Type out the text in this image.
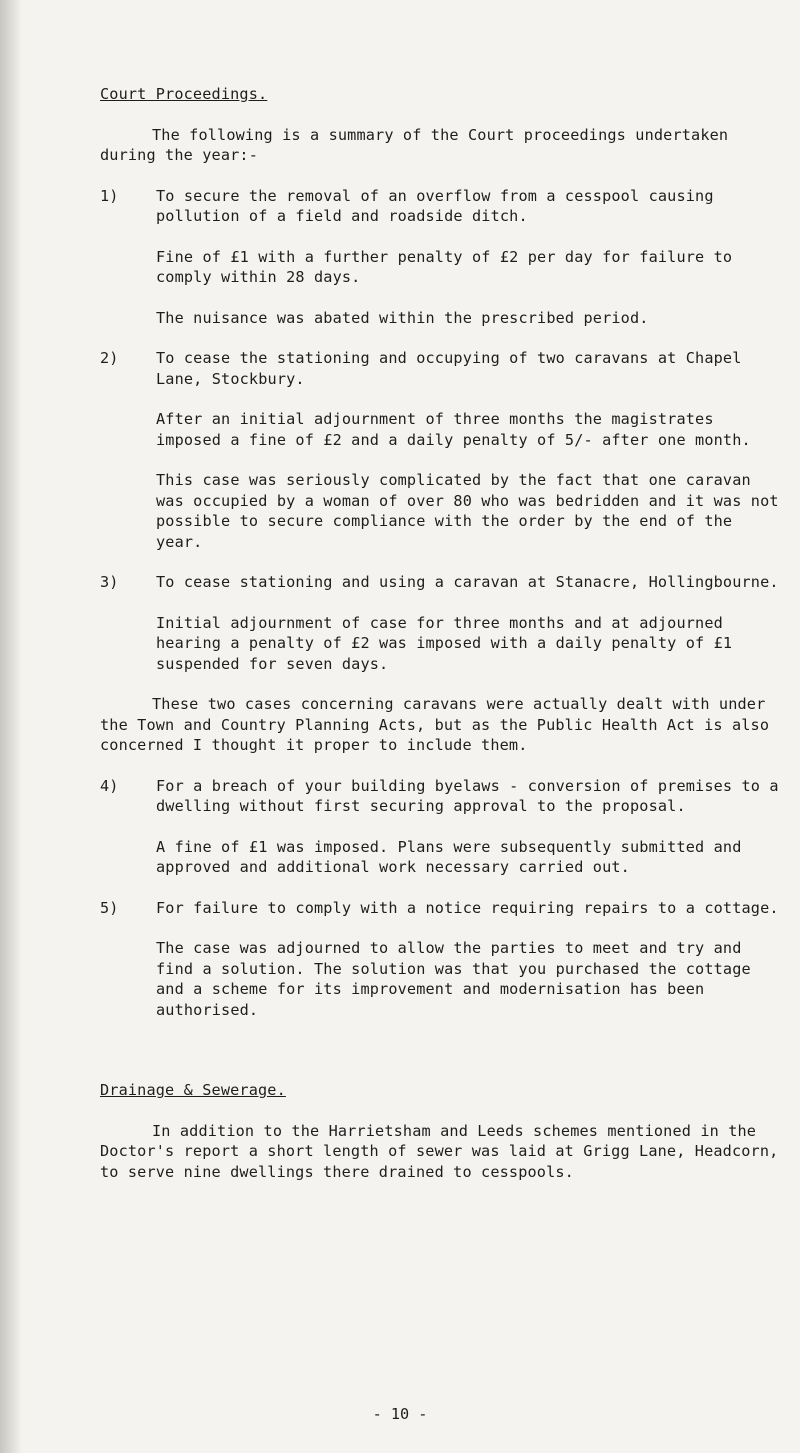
Court Proceedings.

The following is a summary of the Court proceedings undertaken during the year:-

1)	To secure the removal of an overflow from a cesspool causing pollution of a field and roadside ditch.

Fine of £1 with a further penalty of £2 per day for failure to comply within 28 days.

The nuisance was abated within the prescribed period.

2)	To cease the stationing and occupying of two caravans at Chapel Lane, Stockbury.

After an initial adjournment of three months the magistrates imposed a fine of £2 and a daily penalty of 5/- after one month.

This case was seriously complicated by the fact that one caravan was occupied by a woman of over 80 who was bedridden and it was not possible to secure compliance with the order by the end of the year.

3)	To cease stationing and using a caravan at Stanacre, Hollingbourne.

Initial adjournment of case for three months and at adjourned hearing a penalty of £2 was imposed with a daily penalty of £1 suspended for seven days.

These two cases concerning caravans were actually dealt with under the Town and Country Planning Acts, but as the Public Health Act is also concerned I thought it proper to include them.

4)	For a breach of your building byelaws - conversion of premises to a dwelling without first securing approval to the proposal.

A fine of £1 was imposed. Plans were subsequently submitted and approved and additional work necessary carried out.

5)	For failure to comply with a notice requiring repairs to a cottage.

The case was adjourned to allow the parties to meet and try and find a solution. The solution was that you purchased the cottage and a scheme for its improvement and modernisation has been authorised.

Drainage & Sewerage.

In addition to the Harrietsham and Leeds schemes mentioned in the Doctor's report a short length of sewer was laid at Grigg Lane, Headcorn, to serve nine dwellings there drained to cesspools.

- 10 -
